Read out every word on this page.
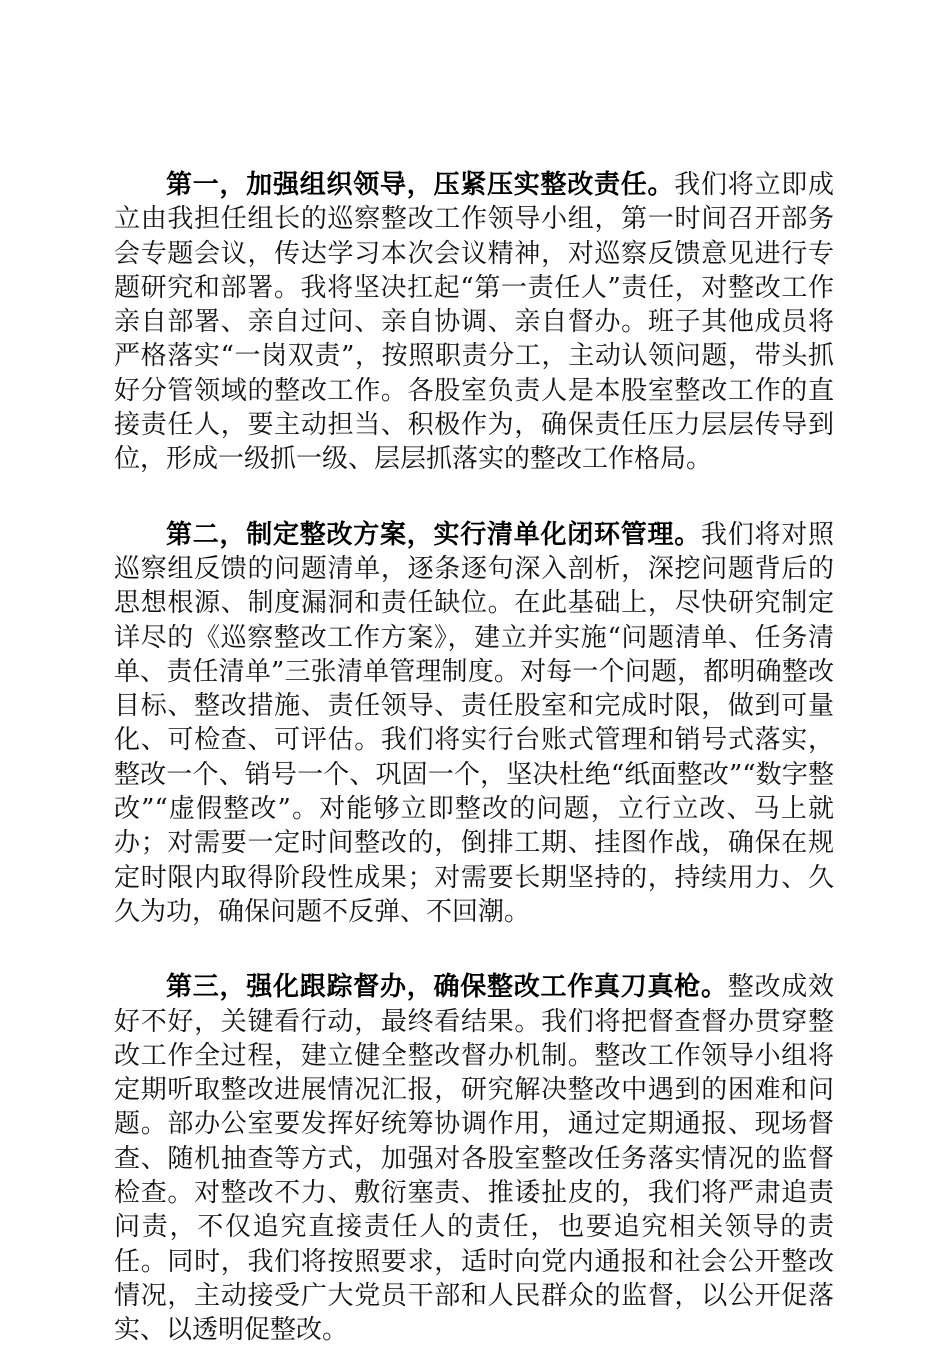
第一，加强组织领导，压紧压实整改责任。我们将立即成立由我担任组长的巡察整改工作领导小组，第一时间召开部务会专题会议，传达学习本次会议精神，对巡察反馈意见进行专题研究和部署。我将坚决扛起“第一责任人”责任，对整改工作亲自部署、亲自过问、亲自协调、亲自督办。班子其他成员将严格落实“一岗双责”，按照职责分工，主动认领问题，带头抓好分管领域的整改工作。各股室负责人是本股室整改工作的直接责任人，要主动担当、积极作为，确保责任压力层层传导到位，形成一级抓一级、层层抓落实的整改工作格局。

第二，制定整改方案，实行清单化闭环管理。我们将对照巡察组反馈的问题清单，逐条逐句深入剖析，深挖问题背后的思想根源、制度漏洞和责任缺位。在此基础上，尽快研究制定详尽的《巡察整改工作方案》，建立并实施“问题清单、任务清单、责任清单”三张清单管理制度。对每一个问题，都明确整改目标、整改措施、责任领导、责任股室和完成时限，做到可量化、可检查、可评估。我们将实行台账式管理和销号式落实，整改一个、销号一个、巩固一个，坚决杜绝“纸面整改”“数字整改”“虚假整改”。对能够立即整改的问题，立行立改、马上就办；对需要一定时间整改的，倒排工期、挂图作战，确保在规定时限内取得阶段性成果；对需要长期坚持的，持续用力、久久为功，确保问题不反弹、不回潮。

第三，强化跟踪督办，确保整改工作真刀真枪。整改成效好不好，关键看行动，最终看结果。我们将把督查督办贯穿整改工作全过程，建立健全整改督办机制。整改工作领导小组将定期听取整改进展情况汇报，研究解决整改中遇到的困难和问题。部办公室要发挥好统筹协调作用，通过定期通报、现场督查、随机抽查等方式，加强对各股室整改任务落实情况的监督检查。对整改不力、敷衍塞责、推诿扯皮的，我们将严肃追责问责，不仅追究直接责任人的责任，也要追究相关领导的责任。同时，我们将按照要求，适时向党内通报和社会公开整改情况，主动接受广大党员干部和人民群众的监督，以公开促落实、以透明促整改。
